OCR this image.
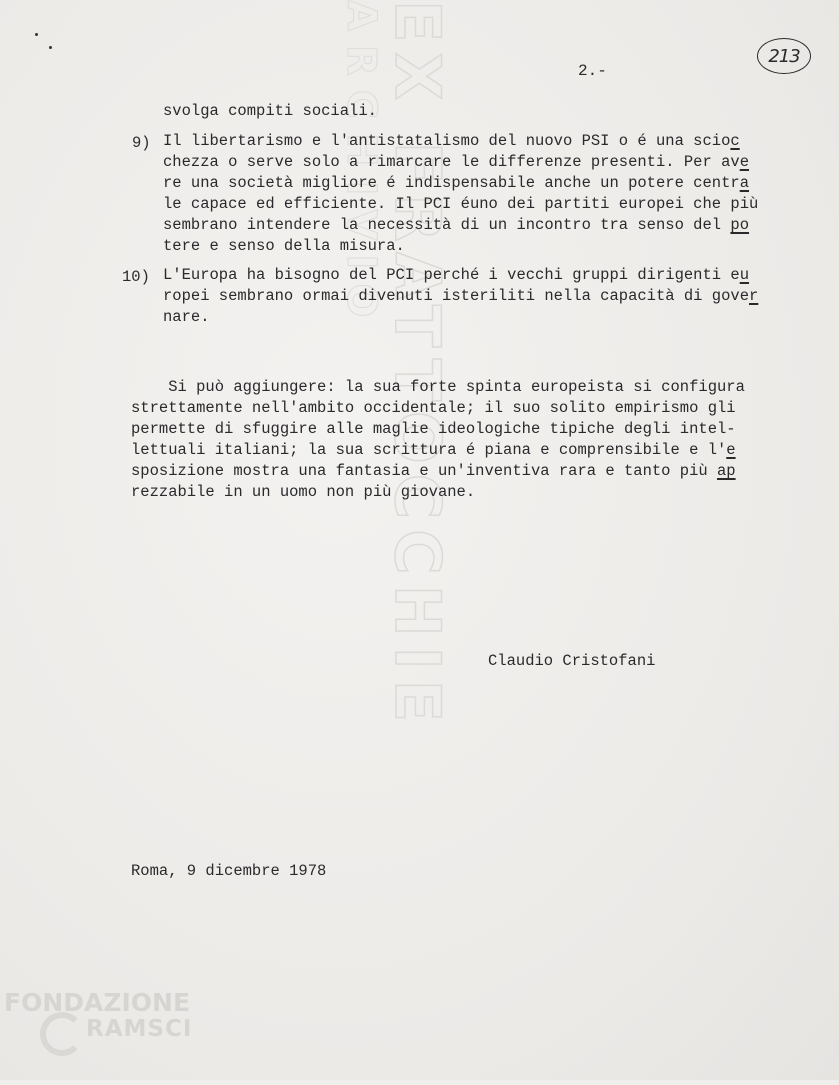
EX FRATTOCCHIE
ARCHIVIO	2.-
213
svolga compiti sociali.
9) Il libertarismo e l'antistatalismo del nuovo PSI o é una scioc
chezza o serve solo a rimarcare le differenze presenti. Per ave
re una società migliore é indispensabile anche un potere centra
le capace ed efficiente. Il PCI éuno dei partiti europei che più
sembrano intendere la necessità di un incontro tra senso del po
tere e senso della misura.
10) L'Europa ha bisogno del PCI perché i vecchi gruppi dirigenti eu
ropei sembrano ormai divenuti isteriliti nella capacità di gover
nare.
Si può aggiungere: la sua forte spinta europeista si configura
strettamente nell'ambito occidentale; il suo solito empirismo gli
permette di sfuggire alle maglie ideologiche tipiche degli intel-
lettuali italiani; la sua scrittura é piana e comprensibile e l'e
sposizione mostra una fantasia e un'inventiva rara e tanto più ap
rezzabile in un uomo non più giovane.
Claudio Cristofani
Roma, 9 dicembre 1978
FONDAZIONE
RAMSCI
